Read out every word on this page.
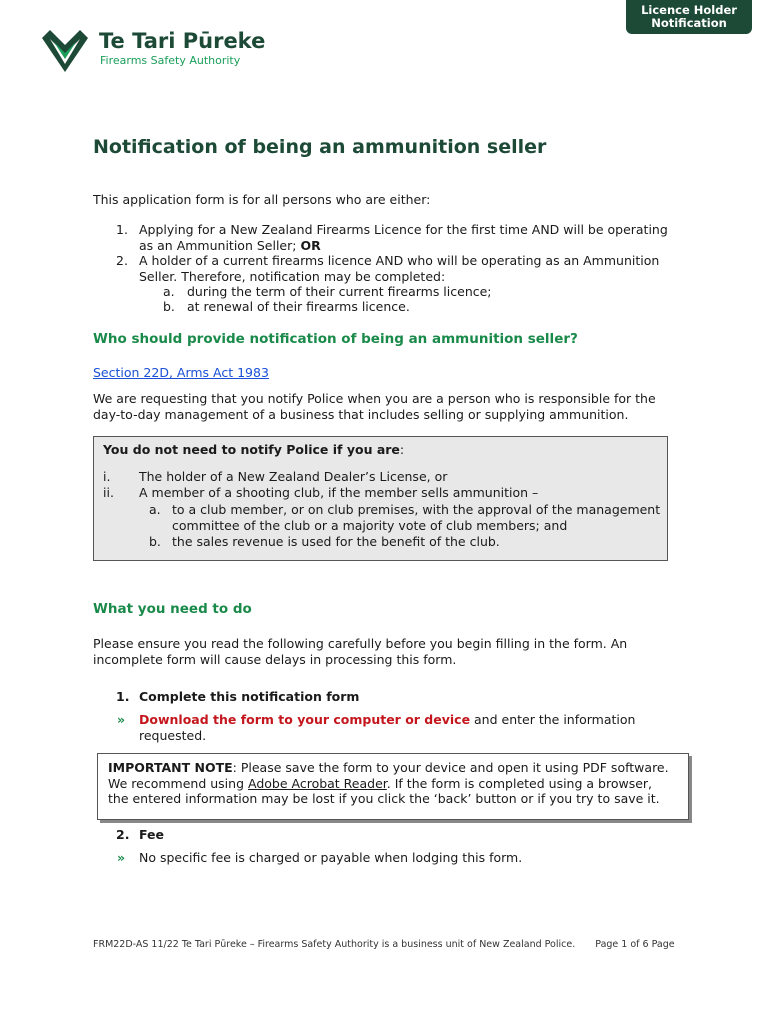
Licence Holder
Notification
Te Tari Pūreke
Firearms Safety Authority
Notification of being an ammunition seller
This application form is for all persons who are either:
1. Applying for a New Zealand Firearms Licence for the first time AND will be operating
as an Ammunition Seller; OR
2. A holder of a current firearms licence AND who will be operating as an Ammunition
Seller. Therefore, notification may be completed:
a. during the term of their current firearms licence;
b. at renewal of their firearms licence.
Who should provide notification of being an ammunition seller?
Section 22D, Arms Act 1983
We are requesting that you notify Police when you are a person who is responsible for the
day-to-day management of a business that includes selling or supplying ammunition.
You do not need to notify Police if you are:
i. The holder of a New Zealand Dealer’s License, or
ii. A member of a shooting club, if the member sells ammunition –
a. to a club member, or on club premises, with the approval of the management
committee of the club or a majority vote of club members; and
b. the sales revenue is used for the benefit of the club.
What you need to do
Please ensure you read the following carefully before you begin filling in the form. An
incomplete form will cause delays in processing this form.
1. Complete this notification form
» Download the form to your computer or device and enter the information
requested.
IMPORTANT NOTE: Please save the form to your device and open it using PDF software.
We recommend using Adobe Acrobat Reader. If the form is completed using a browser,
the entered information may be lost if you click the ‘back’ button or if you try to save it.
2. Fee
» No specific fee is charged or payable when lodging this form.
FRM22D-AS 11/22 Te Tari Pūreke – Firearms Safety Authority is a business unit of New Zealand Police. Page 1 of 6 Page
